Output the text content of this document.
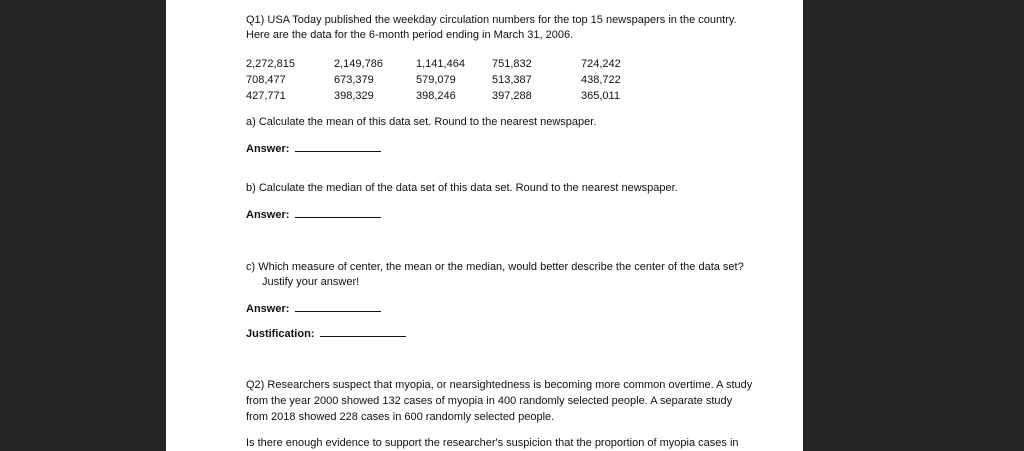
Q1) USA Today published the weekday circulation numbers for the top 15 newspapers in the country.
Here are the data for the 6-month period ending in March 31, 2006.
2,272,815	2,149,786	1,141,464 751,832	724,242
708,477	673,379	579,079	513,387	438,722
427,771	398,329	398,246	397,288	365,011
a) Calculate the mean of this data set. Round to the nearest newspaper.
Answer:
b) Calculate the median of the data set of this data set. Round to the nearest newspaper.
Answer:
c) Which measure of center, the mean or the median, would better describe the center of the data set?
Justify your answer!
Answer:
Justification:
Q2) Researchers suspect that myopia, or nearsightedness is becoming more common overtime. A study
from the year 2000 showed 132 cases of myopia in 400 randomly selected people. A separate study
from 2018 showed 228 cases in 600 randomly selected people.
Is there enough evidence to support the researcher's suspicion that the proportion of myopia cases in
